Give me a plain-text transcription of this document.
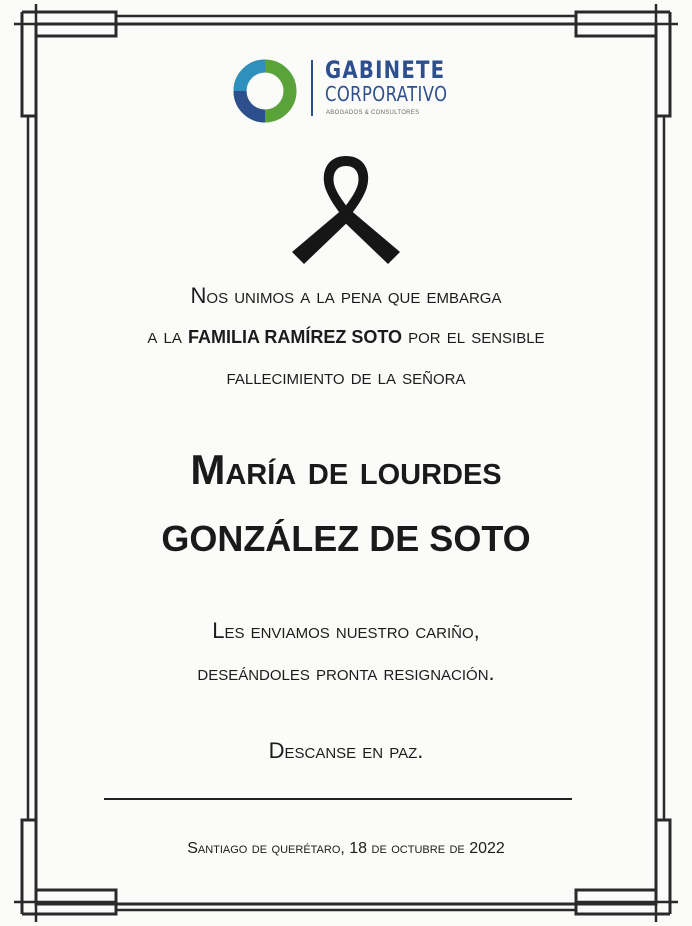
GABINETE
CORPORATIVO
ABOGADOS & CONSULTORES
Nos unimos a la pena que embarga
a la FAMILIA RAMÍREZ SOTO por el sensible
fallecimiento de la señora
María de lourdes
GONZÁLEZ DE SOTO
Les enviamos nuestro cariño,
deseándoles pronta resignación.
Descanse en paz.
Santiago de querétaro, 18 de octubre de 2022
